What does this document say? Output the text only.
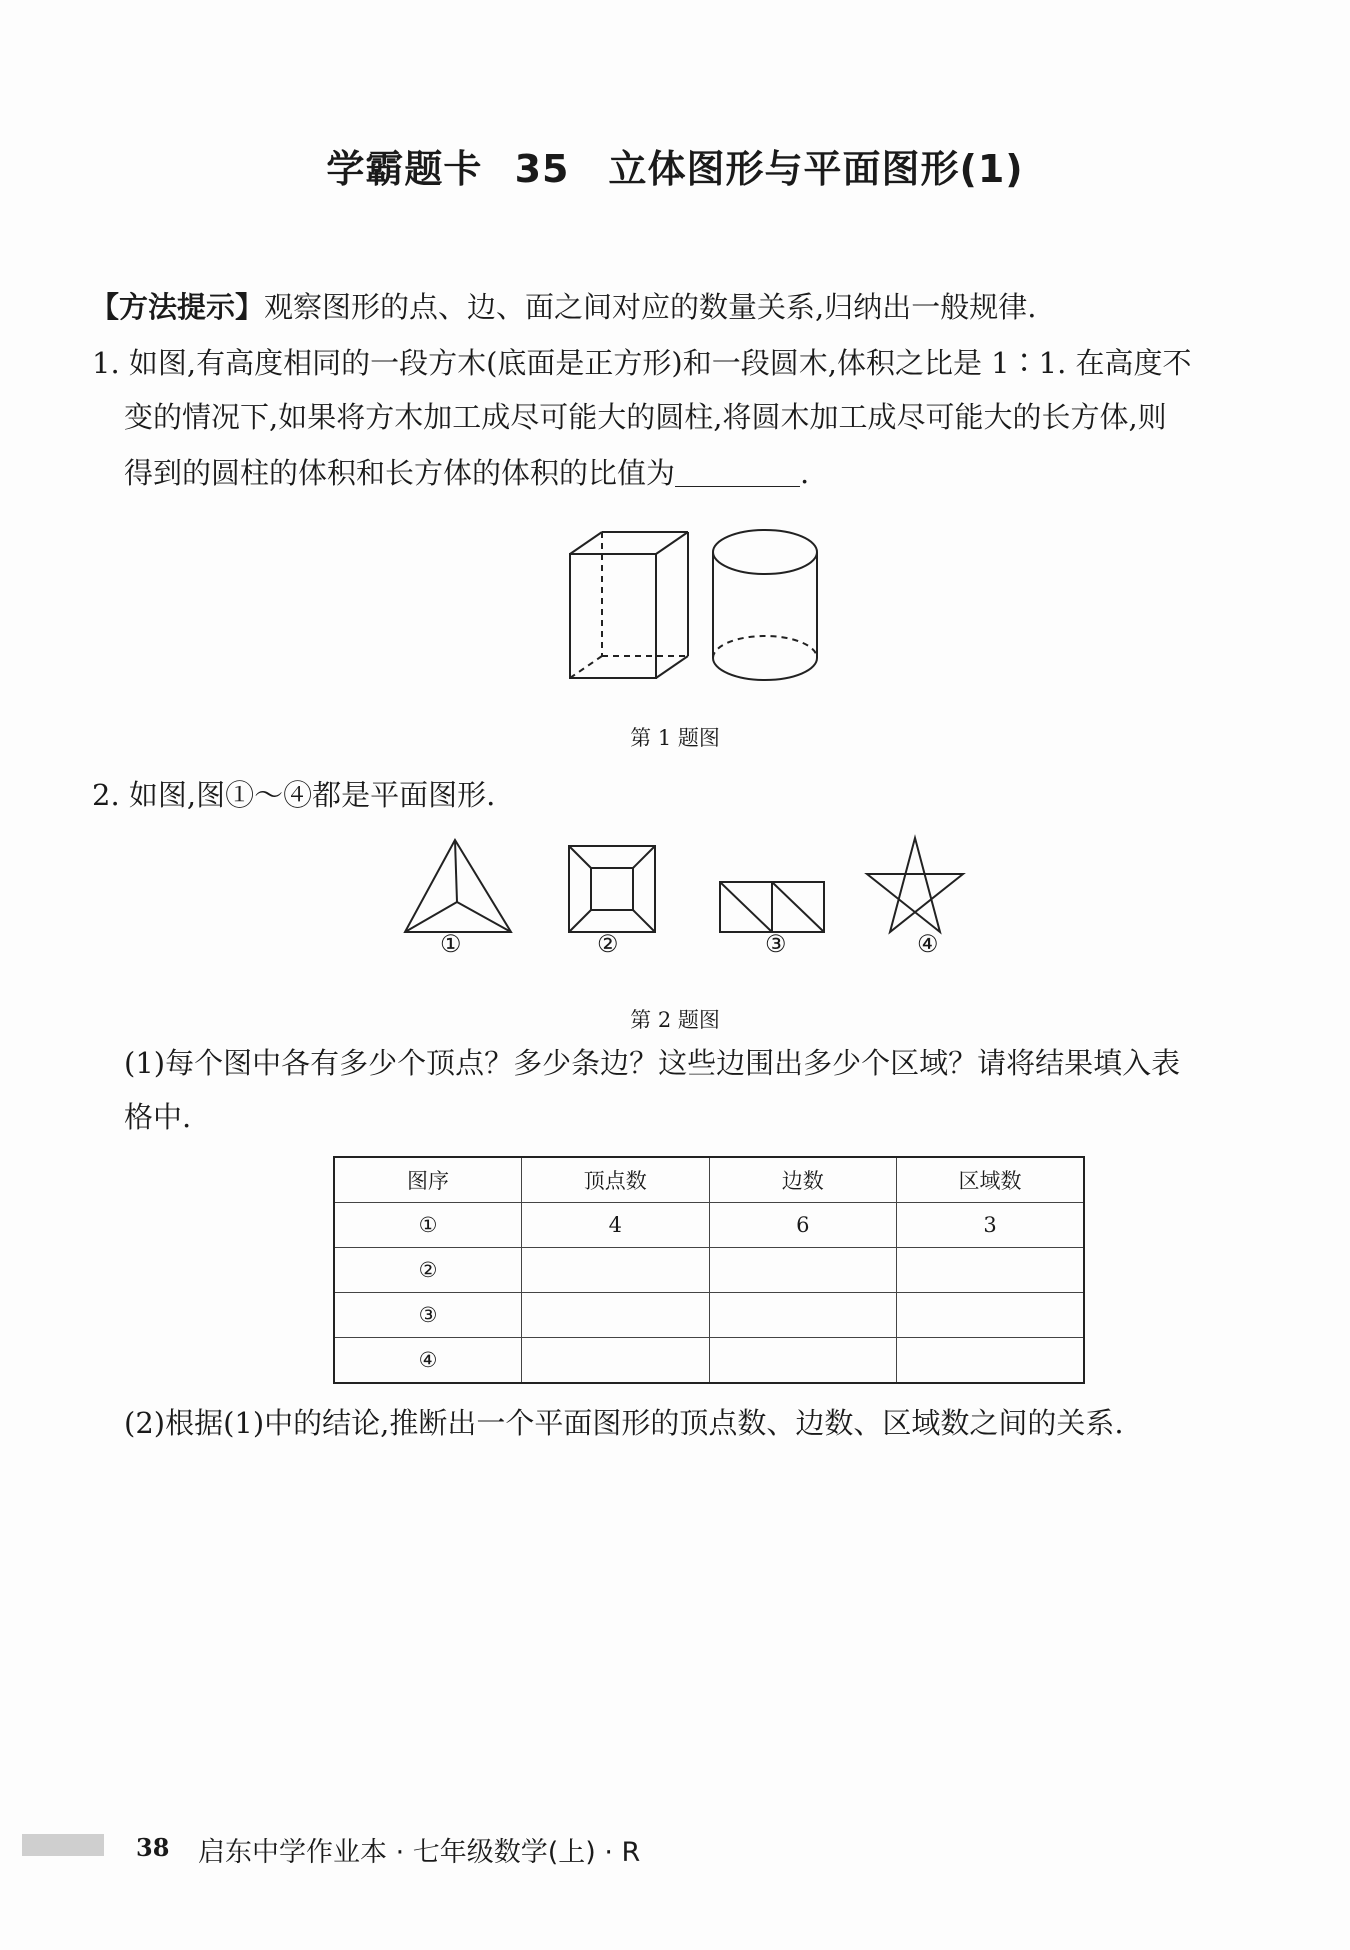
学霸题卡 35　立体图形与平面图形(1)
【方法提示】观察图形的点、边、面之间对应的数量关系,归纳出一般规律.
1. 如图,有高度相同的一段方木(底面是正方形)和一段圆木,体积之比是 1∶1. 在高度不
变的情况下,如果将方木加工成尽可能大的圆柱,将圆木加工成尽可能大的长方体,则
得到的圆柱的体积和长方体的体积的比值为	.
第 1 题图
2. 如图,图①～④都是平面图形.
①	②	③	④
第 2 题图
(1)每个图中各有多少个顶点？多少条边？这些边围出多少个区域？请将结果填入表
格中.
图序	顶点数	边数	区域数
①	4	6	3
②			
③			
④			
(2)根据(1)中的结论,推断出一个平面图形的顶点数、边数、区域数之间的关系.
38 启东中学作业本 · 七年级数学(上) · R
